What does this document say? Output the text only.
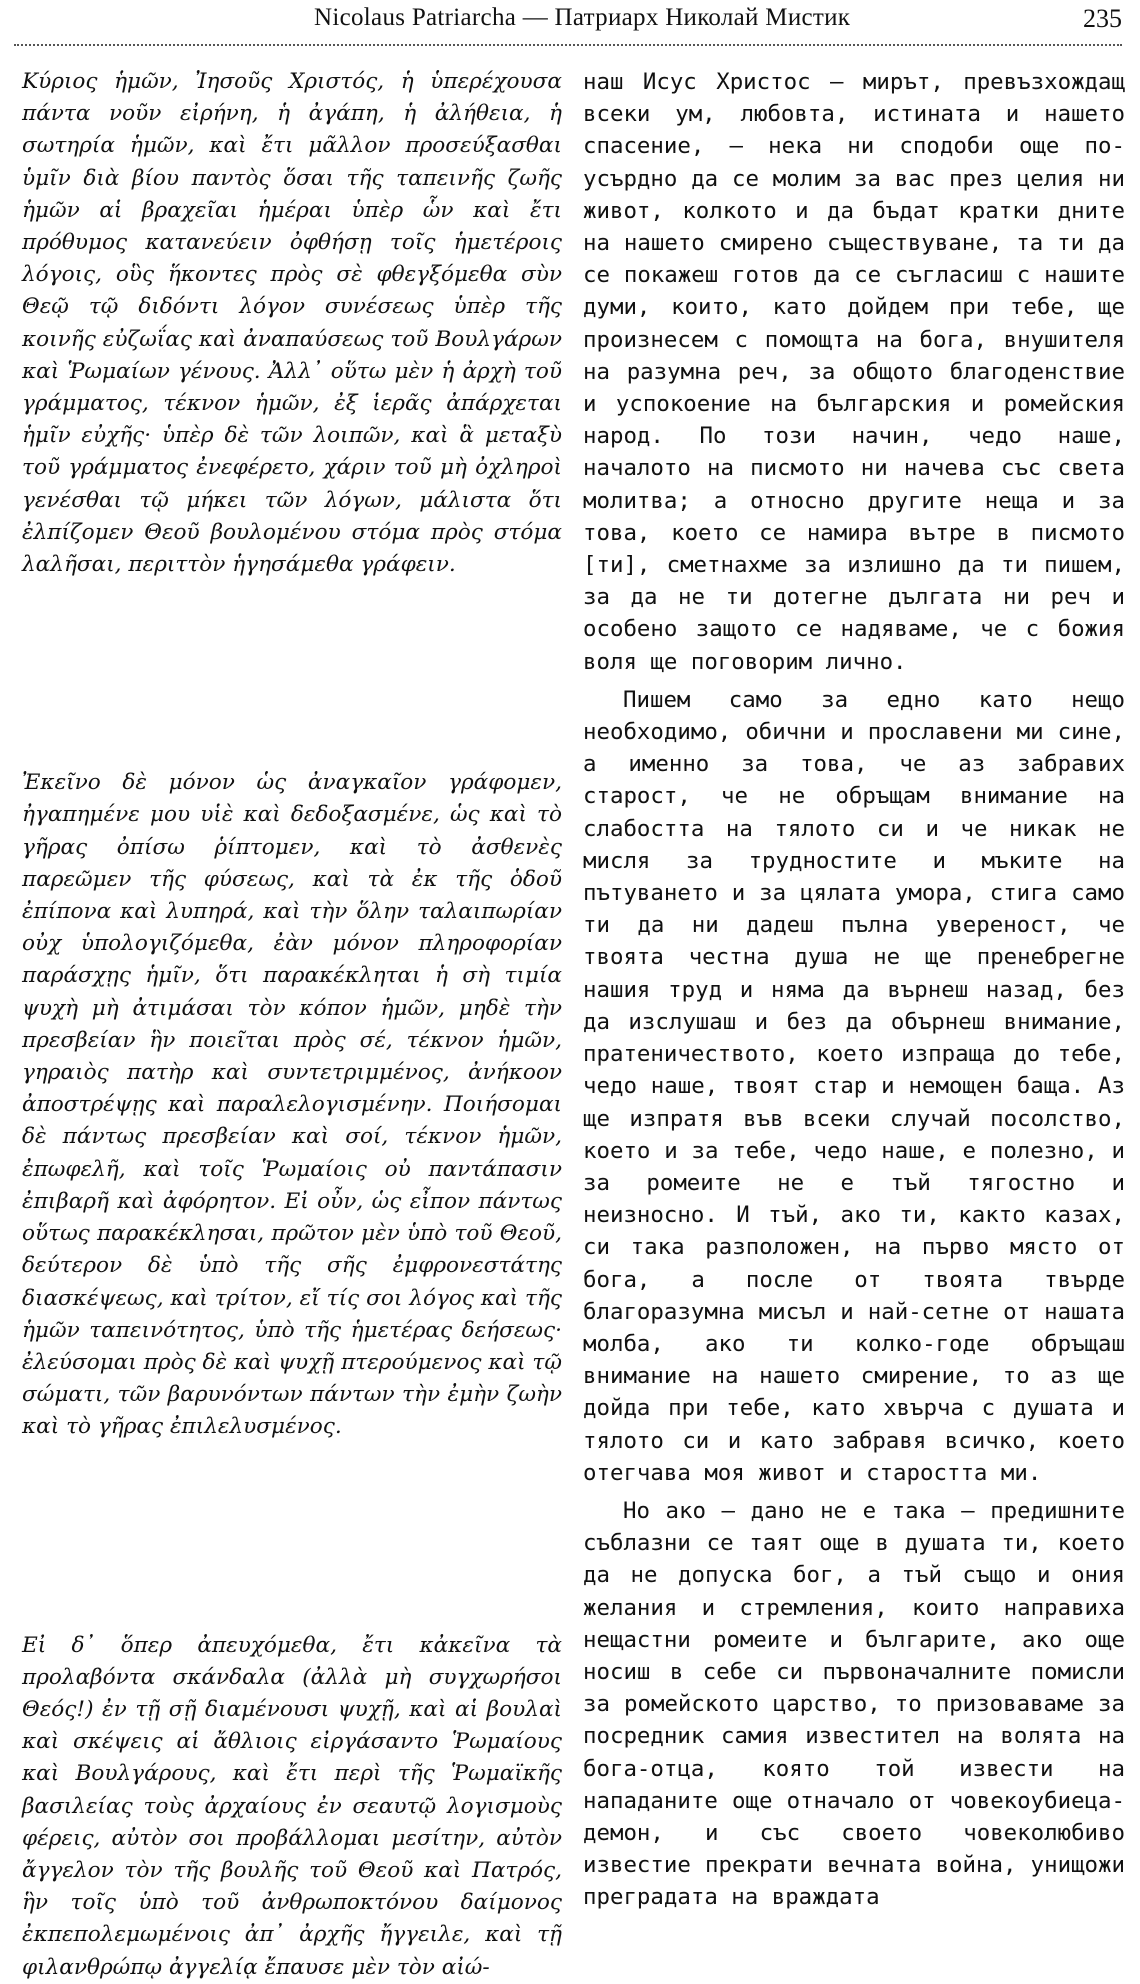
Nicolaus Patriarcha — Патриарх Николай Мистик	235

Κύριος ἡμῶν, Ἰησοῦς Χριστός, ἡ ὑπερέχουσα πάντα νοῦν εἰρήνη, ἡ ἀγάπη, ἡ ἀλήθεια, ἡ σωτηρία ἡμῶν, καὶ ἔτι μᾶλλον προσεύξασθαι ὑμῖν διὰ βίου παντὸς ὅσαι τῆς ταπεινῆς ζωῆς ἡμῶν αἱ βραχεῖαι ἡμέραι ὑπὲρ ὧν καὶ ἔτι πρόθυμος κατανεύειν ὀφθήσῃ τοῖς ἡμετέροις λόγοις, οὓς ἥκοντες πρὸς σὲ φθεγξόμεθα σὺν Θεῷ τῷ διδόντι λόγον συνέσεως ὑπὲρ τῆς κοινῆς εὐζωΐας καὶ ἀναπαύσεως τοῦ Βουλγάρων καὶ Ῥωμαίων γένους. Ἀλλ᾽ οὕτω μὲν ἡ ἀρχὴ τοῦ γράμματος, τέκνον ἡμῶν, ἐξ ἱερᾶς ἀπάρχεται ἡμῖν εὐχῆς· ὑπὲρ δὲ τῶν λοιπῶν, καὶ ἃ μεταξὺ τοῦ γράμματος ἐνεφέρετο, χάριν τοῦ μὴ ὀχληροὶ γενέσθαι τῷ μήκει τῶν λόγων, μάλιστα ὅτι ἐλπίζομεν Θεοῦ βουλομένου στόμα πρὸς στόμα λαλῆσαι, περιττὸν ἡγησάμεθα γράφειν.

Ἐκεῖνο δὲ μόνον ὡς ἀναγκαῖον γράφομεν, ἠγαπημένε μου υἱὲ καὶ δεδοξασμένε, ὡς καὶ τὸ γῆρας ὀπίσω ῥίπτομεν, καὶ τὸ ἀσθενὲς παρεῶμεν τῆς φύσεως, καὶ τὰ ἐκ τῆς ὁδοῦ ἐπίπονα καὶ λυπηρά, καὶ τὴν ὅλην ταλαιπωρίαν οὐχ ὑπολογιζόμεθα, ἐὰν μόνον πληροφορίαν παράσχῃς ἡμῖν, ὅτι παρακέκληται ἡ σὴ τιμία ψυχὴ μὴ ἀτιμάσαι τὸν κόπον ἡμῶν, μηδὲ τὴν πρεσβείαν ἣν ποιεῖται πρὸς σέ, τέκνον ἡμῶν, γηραιὸς πατὴρ καὶ συντετριμμένος, ἀνήκοον ἀποστρέψῃς καὶ παραλελογισμένην. Ποιήσομαι δὲ πάντως πρεσβείαν καὶ σοί, τέκνον ἡμῶν, ἐπωφελῆ, καὶ τοῖς Ῥωμαίοις οὐ παντάπασιν ἐπιβαρῆ καὶ ἀφόρητον. Εἰ οὖν, ὡς εἶπον πάντως οὕτως παρακέκλησαι, πρῶτον μὲν ὑπὸ τοῦ Θεοῦ, δεύτερον δὲ ὑπὸ τῆς σῆς ἐμφρονεστάτης διασκέψεως, καὶ τρίτον, εἴ τίς σοι λόγος καὶ τῆς ἡμῶν ταπεινότητος, ὑπὸ τῆς ἡμετέρας δεήσεως· ἐλεύσομαι πρὸς δὲ καὶ ψυχῇ πτερούμενος καὶ τῷ σώματι, τῶν βαρυνόντων πάντων τὴν ἐμὴν ζωὴν καὶ τὸ γῆρας ἐπιλελυσμένος.

Εἰ δ᾽ ὅπερ ἀπευχόμεθα, ἔτι κἀκεῖνα τὰ προλαβόντα σκάνδαλα (ἀλλὰ μὴ συγχωρήσοι Θεός!) ἐν τῇ σῇ διαμένουσι ψυχῇ, καὶ αἱ βουλαὶ καὶ σκέψεις αἱ ἄθλιοις εἰργάσαντο Ῥωμαίους καὶ Βουλγάρους, καὶ ἔτι περὶ τῆς Ῥωμαϊκῆς βασιλείας τοὺς ἀρχαίους ἐν σεαυτῷ λογισμοὺς φέρεις, αὐτὸν σοι προβάλλομαι μεσίτην, αὐτὸν ἄγγελον τὸν τῆς βουλῆς τοῦ Θεοῦ καὶ Πατρός, ἣν τοῖς ὑπὸ τοῦ ἀνθρωποκτόνου δαίμονος ἐκπεπολεμωμένοις ἀπ᾽ ἀρχῆς ἤγγειλε, καὶ τῇ φιλανθρώπῳ ἀγγελίᾳ ἔπαυσε μὲν τὸν αἰώ-

наш Исус Христос — мирът, превъзхождащ всеки ум, любовта, истината и нашето спасение, — нека ни сподоби още по-усърдно да се молим за вас през целия ни живот, колкото и да бъдат кратки дните на нашето смирено съществуване, та ти да се покажеш готов да се съгласиш с нашите думи, които, като дойдем при тебе, ще произнесем с помощта на бога, внушителя на разумна реч, за общото благоденствие и успокоение на българския и ромейския народ. По този начин, чедо наше, началото на писмото ни начева със света молитва; а относно другите неща и за това, което се намира вътре в писмото [ти], сметнахме за излишно да ти пишем, за да не ти дотегне дългата ни реч и особено защото се надяваме, че с божия воля ще поговорим лично.

Пишем само за едно като нещо необходимо, обични и прославени ми сине, а именно за това, че аз забравих старост, че не обръщам внимание на слабостта на тялото си и че никак не мисля за трудностите и мъките на пътуването и за цялата умора, стига само ти да ни дадеш пълна увереност, че твоята честна душа не ще пренебрегне нашия труд и няма да върнеш назад, без да изслушаш и без да обърнеш внимание, пратеничеството, което изпраща до тебе, чедо наше, твоят стар и немощен баща. Аз ще изпратя във всеки случай посолство, което и за тебе, чедо наше, е полезно, и за ромеите не е тъй тягостно и неизносно. И тъй, ако ти, както казах, си така разположен, на първо място от бога, а после от твоята твърде благоразумна мисъл и най-сетне от нашата молба, ако ти колко-годе обръщаш внимание на нашето смирение, то аз ще дойда при тебе, като хвърча с душата и тялото си и като забравя всичко, което отегчава моя живот и старостта ми.

Но ако — дано не е така — предишните съблазни се таят още в душата ти, което да не допуска бог, а тъй също и ония желания и стремления, които направиха нещастни ромеите и българите, ако още носиш в себе си първоначалните помисли за ромейското царство, то призоваваме за посредник самия известител на волята на бога-отца, която той извести на нападаните още отначало от човекоубиеца-демон, и със своето човеколюбиво известие прекрати вечната война, унищожи преградата на враждата
